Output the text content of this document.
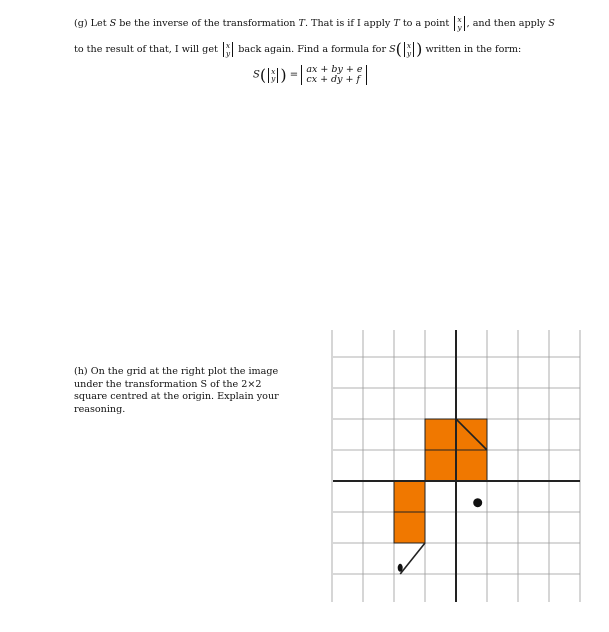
(g) Let S be the inverse of the transformation T. That is if I apply T to a point x
y , and then apply S
to the result of that, I will get x
y back again. Find a formula for S( x
y ) written in the form:
S( x
y ) = ax + by + e
cx + dy + f
(h) On the grid at the right plot the image
under the transformation S of the 2×2
square centred at the origin. Explain your
reasoning.
